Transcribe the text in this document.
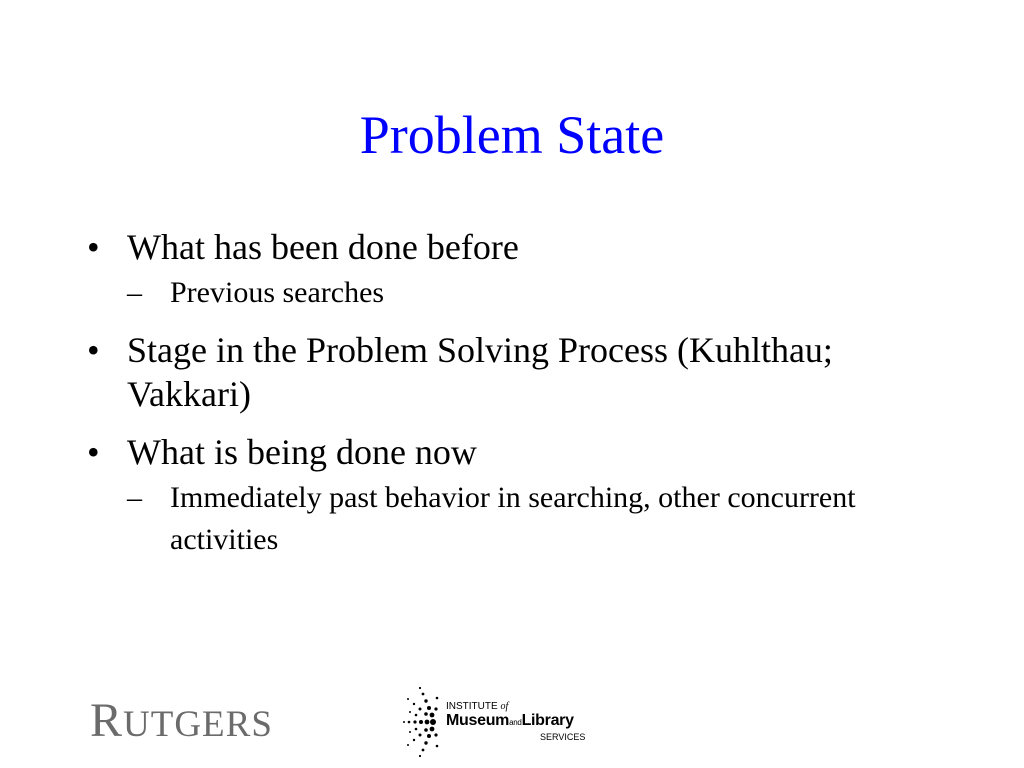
Problem State
• What has been done before
– Previous searches
• Stage in the Problem Solving Process (Kuhlthau; Vakkari)
• What is being done now
– Immediately past behavior in searching, other concurrent activities
RUTGERS	INSTITUTE of
MuseumandLibrary
SERVICES
